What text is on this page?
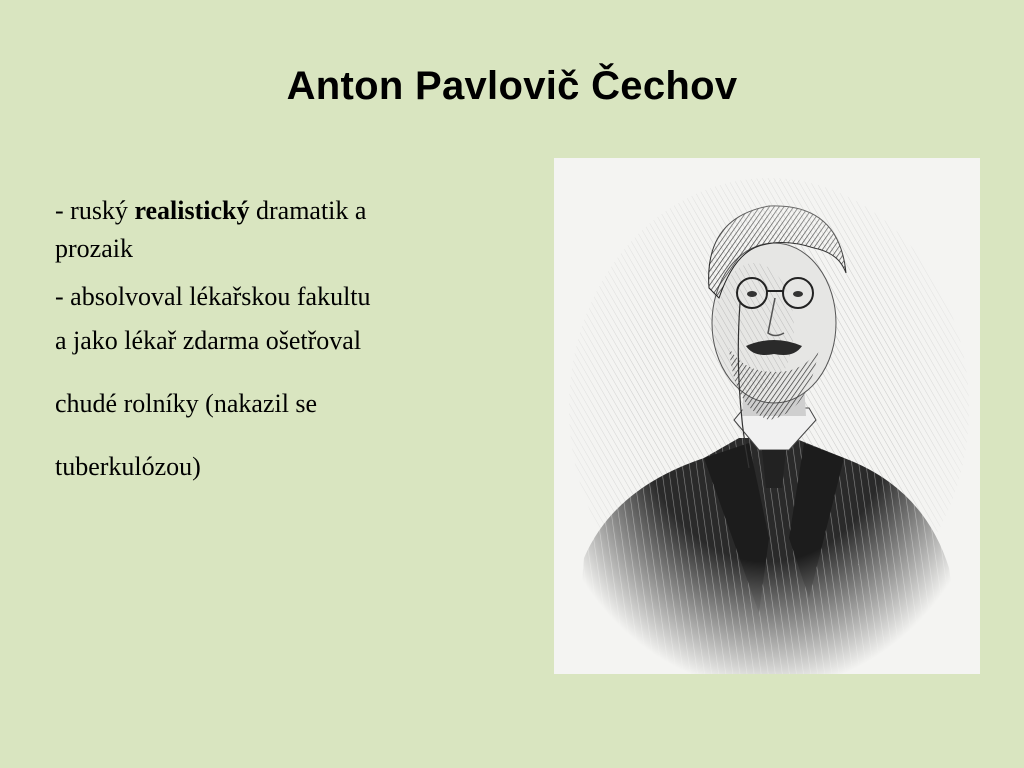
Anton Pavlovič Čechov

- ruský realistický dramatik a
prozaik

- absolvoval lékařskou fakultu
a jako lékař zdarma ošetřoval
chudé rolníky (nakazil se
tuberkulózou)
